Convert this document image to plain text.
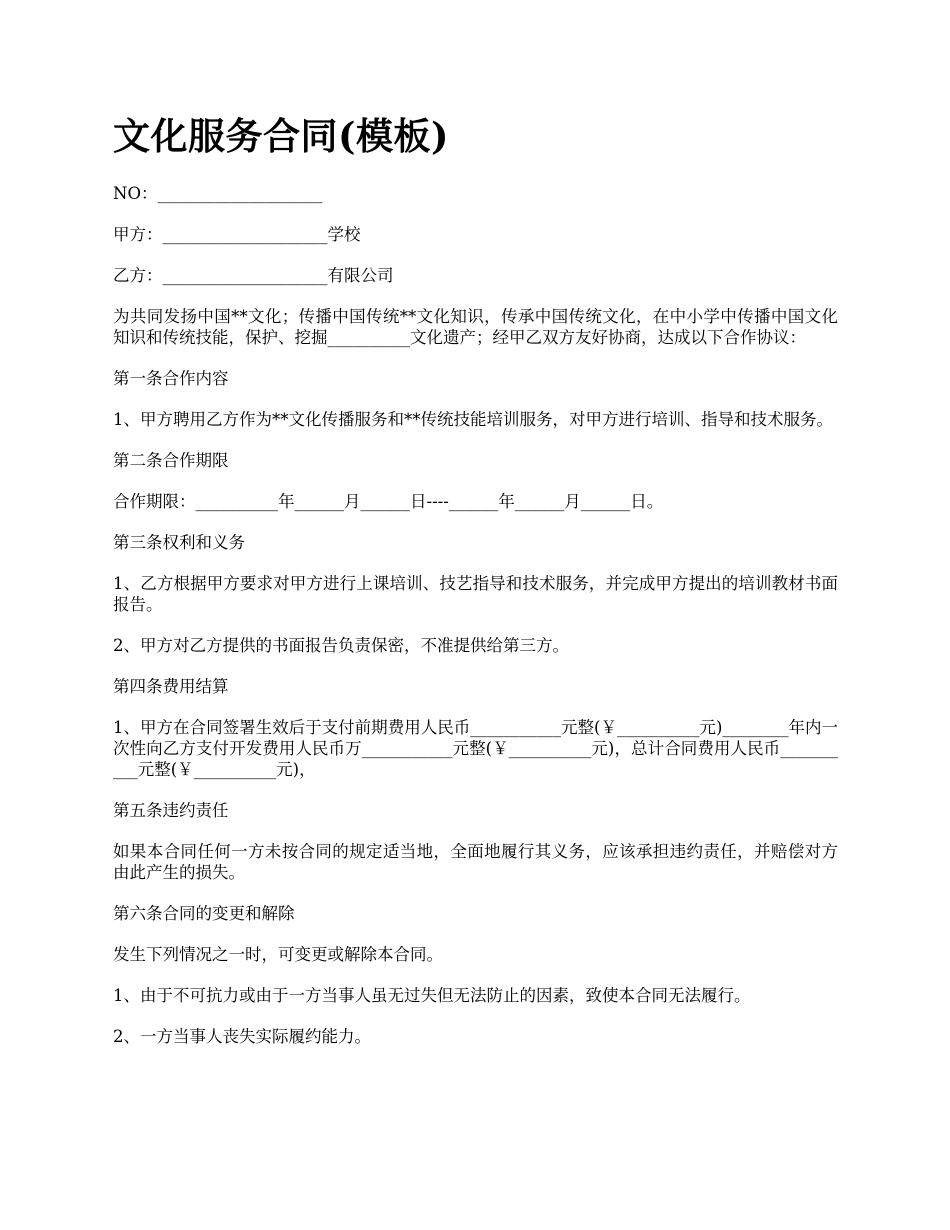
文化服务合同(模板)

NO：____________________

甲方：____________________学校

乙方：____________________有限公司

为共同发扬中国**文化；传播中国传统**文化知识，传承中国传统文化，在中小学中传播中国文化知识和传统技能，保护、挖掘__________文化遗产；经甲乙双方友好协商，达成以下合作协议：

第一条合作内容

1、甲方聘用乙方作为**文化传播服务和**传统技能培训服务，对甲方进行培训、指导和技术服务。

第二条合作期限

合作期限：__________年______月______日----______年______月______日。

第三条权利和义务

1、乙方根据甲方要求对甲方进行上课培训、技艺指导和技术服务，并完成甲方提出的培训教材书面报告。

2、甲方对乙方提供的书面报告负责保密，不准提供给第三方。

第四条费用结算

1、甲方在合同签署生效后于支付前期费用人民币___________元整(￥__________元)________年内一次性向乙方支付开发费用人民币万___________元整(￥__________元)，总计合同费用人民币__________元整(￥__________元)，

第五条违约责任

如果本合同任何一方未按合同的规定适当地，全面地履行其义务，应该承担违约责任，并赔偿对方由此产生的损失。

第六条合同的变更和解除

发生下列情况之一时，可变更或解除本合同。

1、由于不可抗力或由于一方当事人虽无过失但无法防止的因素，致使本合同无法履行。

2、一方当事人丧失实际履约能力。
